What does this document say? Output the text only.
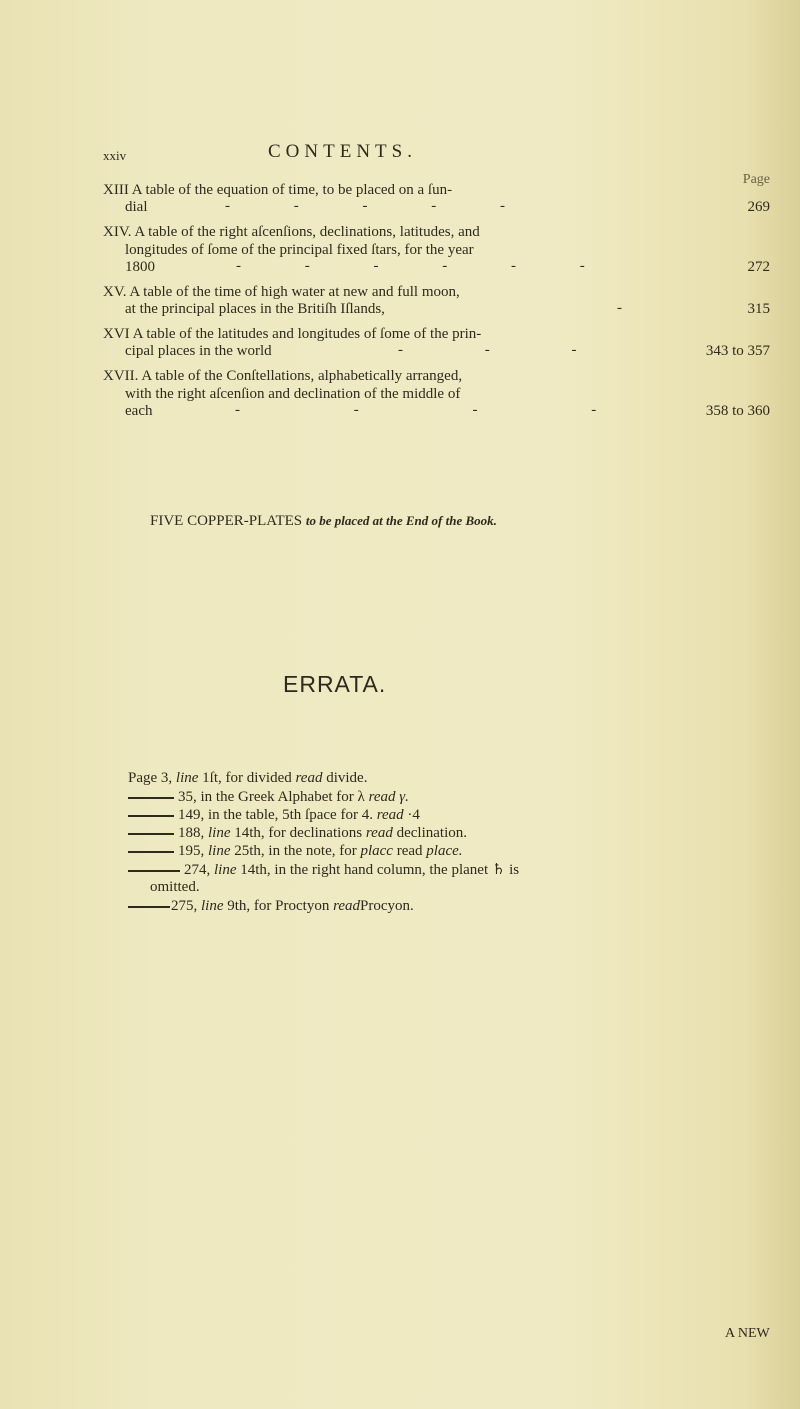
xxiv	CONTENTS.
Page
XIII A table of the equation of time, to be placed on a ſun-
dial	- - - - -	269
XIV. A table of the right aſcenſions, declinations, latitudes, and
longitudes of ſome of the principal fixed ſtars, for the year
1800	- - - - - -	272
XV. A table of the time of high water at new and full moon,
at the principal places in the Britiſh Iſlands,	-	315
XVI A table of the latitudes and longitudes of ſome of the prin-
cipal places in the world	- - -	343 to 357
XVII. A table of the Conſtellations, alphabetically arranged,
with the right aſcenſion and declination of the middle of
each	- - - -	358 to 360
FIVE COPPER-PLATES to be placed at the End of the Book.
ERRATA.
Page 3, line 1ſt, for divided read divide.
35, in the Greek Alphabet for λ read γ.
149, in the table, 5th ſpace for 4. read ·4
188, line 14th, for declinations read declination.
195, line 25th, in the note, for placc read place.
274, line 14th, in the right hand column, the planet ♄ is
omitted.
275, line 9th, for Proctyon readProcyon.
A NEW
